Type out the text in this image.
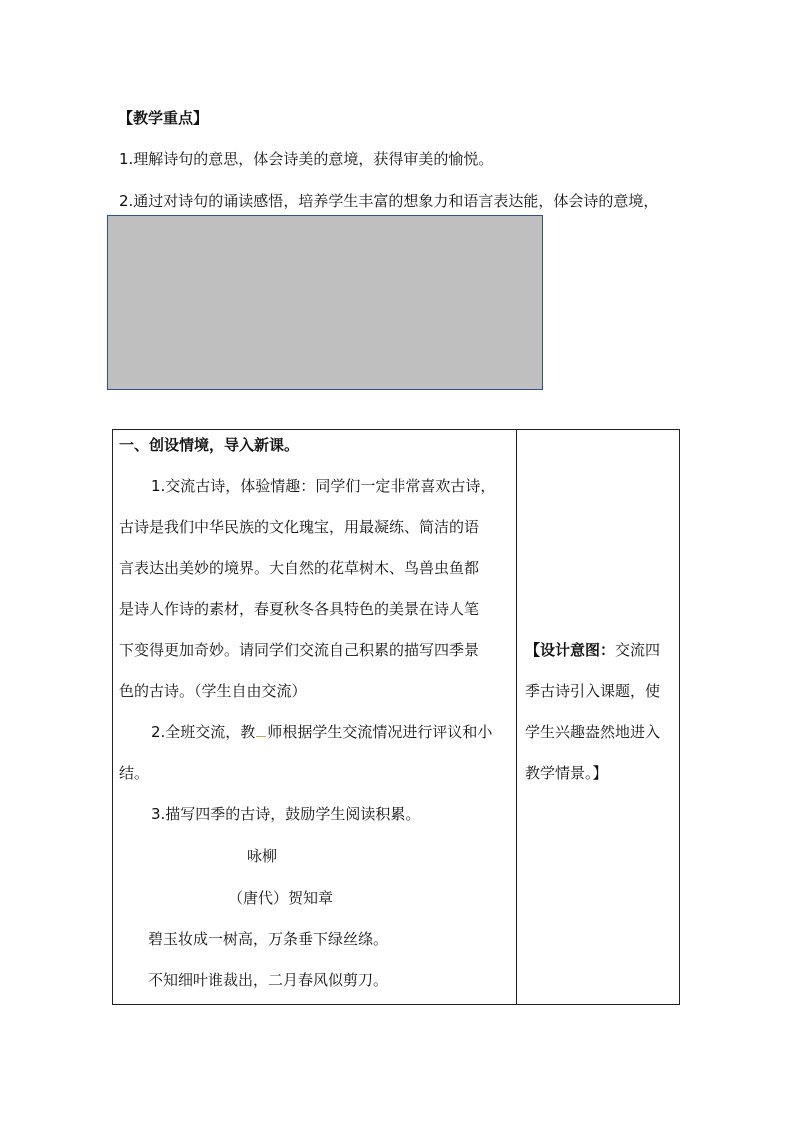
【教学重点】
1.理解诗句的意思，体会诗美的意境，获得审美的愉悦。
2.通过对诗句的诵读感悟，培养学生丰富的想象力和语言表达能，体会诗的意境，
一、创设情境，导入新课。
1.交流古诗，体验情趣：同学们一定非常喜欢古诗，
古诗是我们中华民族的文化瑰宝，用最凝练、简洁的语
言表达出美妙的境界。大自然的花草树木、鸟兽虫鱼都
是诗人作诗的素材，春夏秋冬各具特色的美景在诗人笔
下变得更加奇妙。请同学们交流自己积累的描写四季景
色的古诗。（学生自由交流）
2.全班交流，教 师根据学生交流情况进行评议和小
结。
3.描写四季的古诗，鼓励学生阅读积累。
咏柳
（唐代）贺知章
碧玉妆成一树高，万条垂下绿丝绦。
不知细叶谁裁出，二月春风似剪刀。
【设计意图：交流四
季古诗引入课题，使
学生兴趣盎然地进入
教学情景。】
